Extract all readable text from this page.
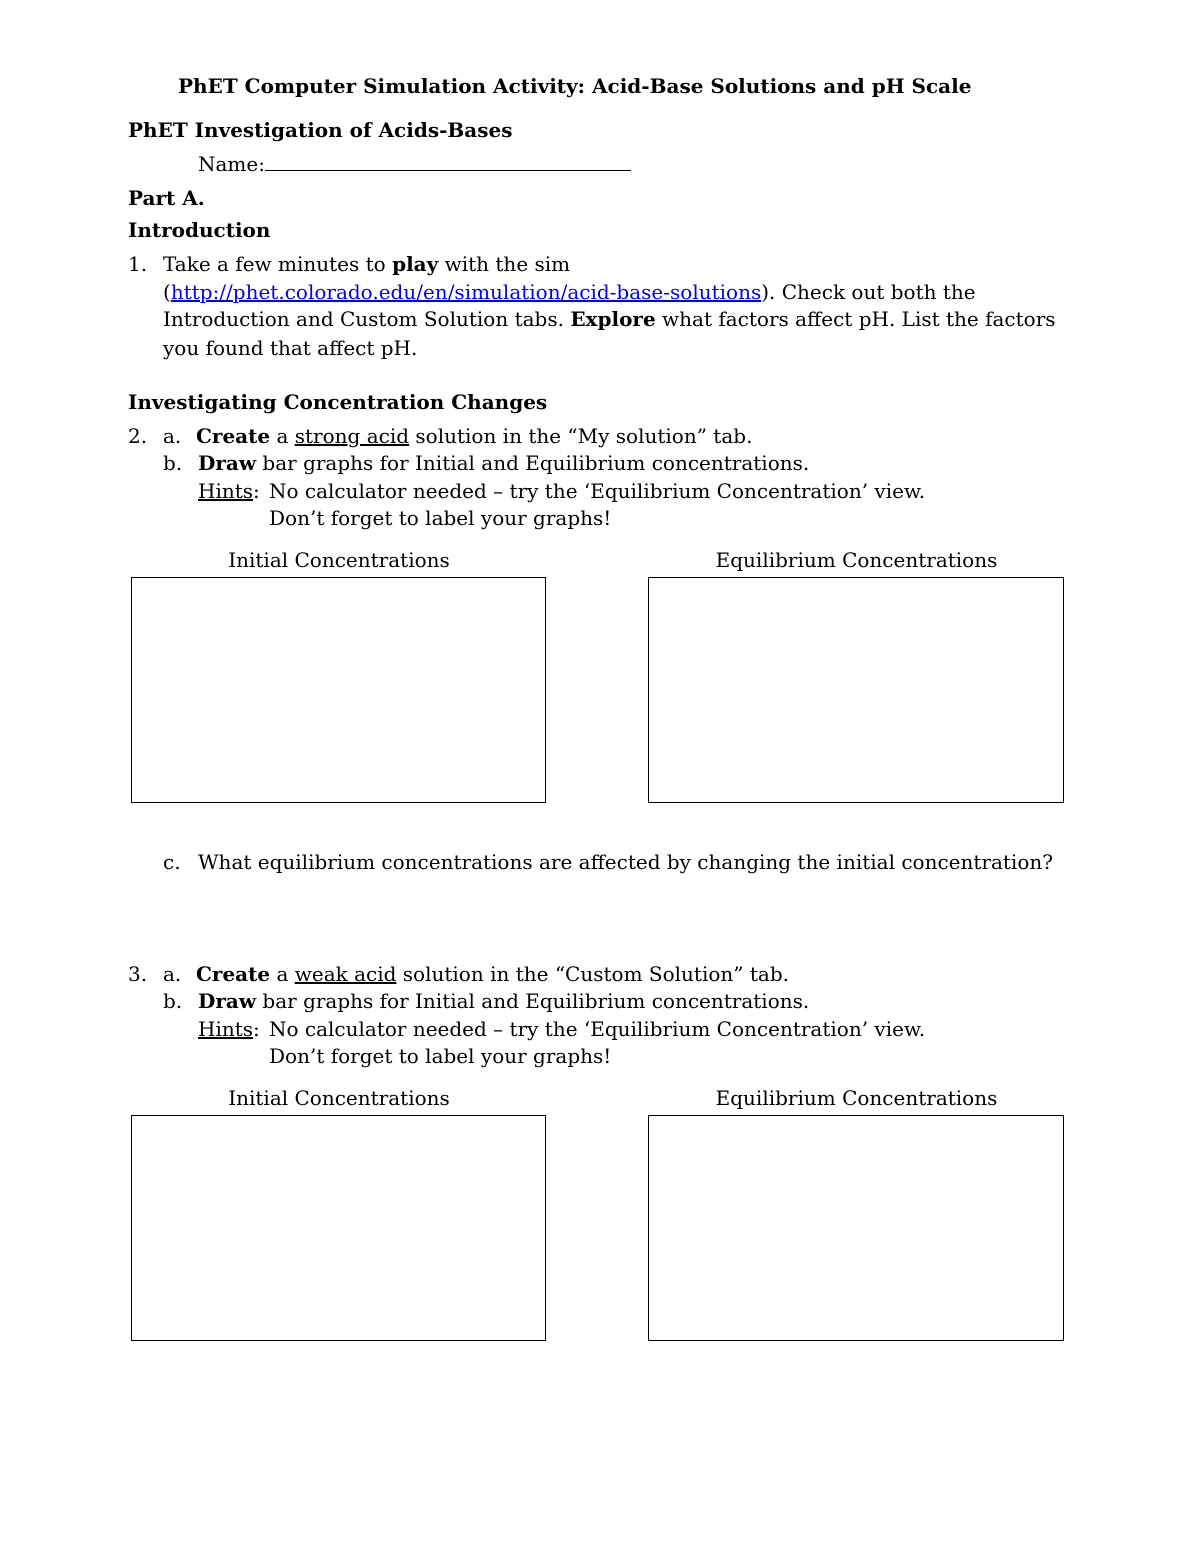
PhET Computer Simulation Activity: Acid-Base Solutions and pH Scale
PhET Investigation of Acids-Bases
Name:
Part A.
Introduction
1. Take a few minutes to play with the sim
(http://phet.colorado.edu/en/simulation/acid-base-solutions). Check out both the
Introduction and Custom Solution tabs. Explore what factors affect pH. List the factors
you found that affect pH.
Investigating Concentration Changes
2. a. Create a strong acid solution in the “My solution” tab.
b. Draw bar graphs for Initial and Equilibrium concentrations.
Hints: No calculator needed – try the ‘Equilibrium Concentration’ view.
Don’t forget to label your graphs!
Initial Concentrations	Equilibrium Concentrations
c. What equilibrium concentrations are affected by changing the initial concentration?
3. a. Create a weak acid solution in the “Custom Solution” tab.
b. Draw bar graphs for Initial and Equilibrium concentrations.
Hints: No calculator needed – try the ‘Equilibrium Concentration’ view.
Don’t forget to label your graphs!
Initial Concentrations	Equilibrium Concentrations
